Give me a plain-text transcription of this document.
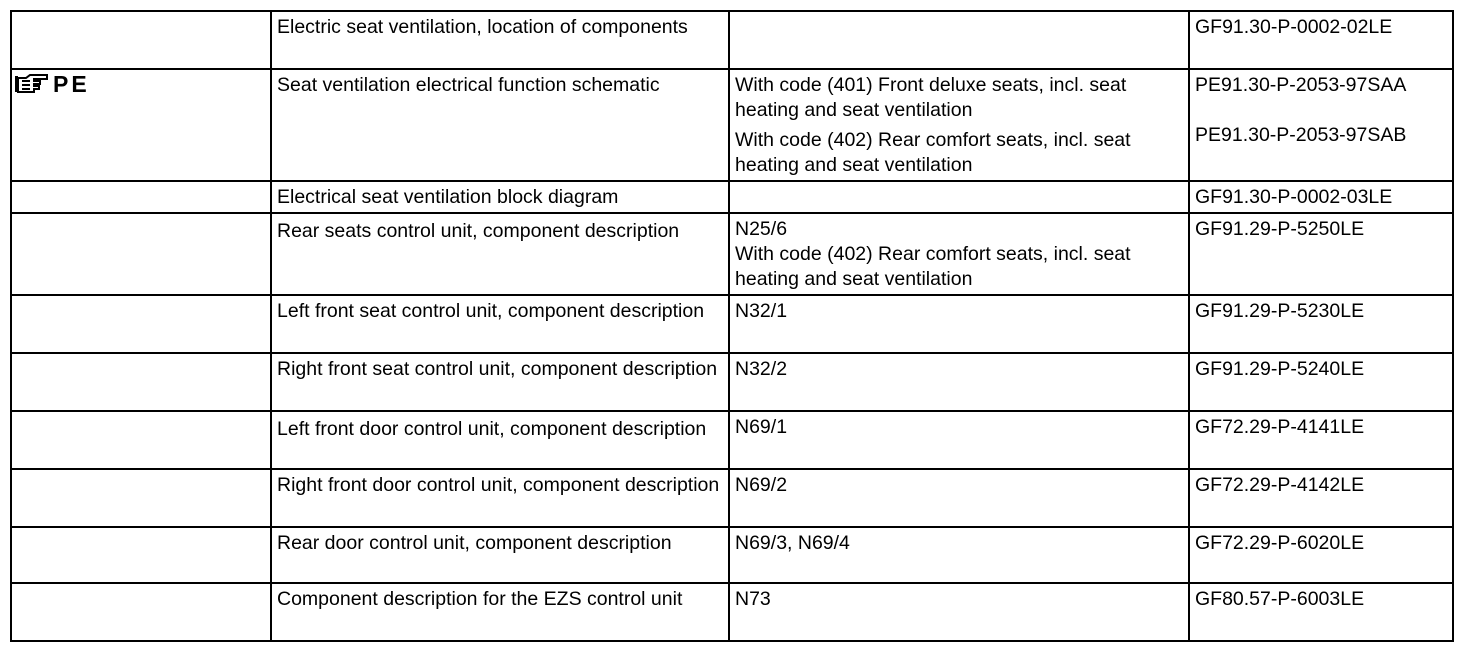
	Electric seat ventilation, location of components		GF91.30-P-0002-02LE

PE	Seat ventilation electrical function schematic	With code (401) Front deluxe seats, incl. seat heating and seat ventilation
With code (402) Rear comfort seats, incl. seat heating and seat ventilation	PE91.30-P-2053-97SAA
PE91.30-P-2053-97SAB

	Electrical seat ventilation block diagram		GF91.30-P-0002-03LE

	Rear seats control unit, component description	N25/6
With code (402) Rear comfort seats, incl. seat heating and seat ventilation	GF91.29-P-5250LE

	Left front seat control unit, component description	N32/1	GF91.29-P-5230LE

	Right front seat control unit, component description	N32/2	GF91.29-P-5240LE

	Left front door control unit, component description	N69/1	GF72.29-P-4141LE

	Right front door control unit, component description	N69/2	GF72.29-P-4142LE

	Rear door control unit, component description	N69/3, N69/4	GF72.29-P-6020LE

	Component description for the EZS control unit	N73	GF80.57-P-6003LE
